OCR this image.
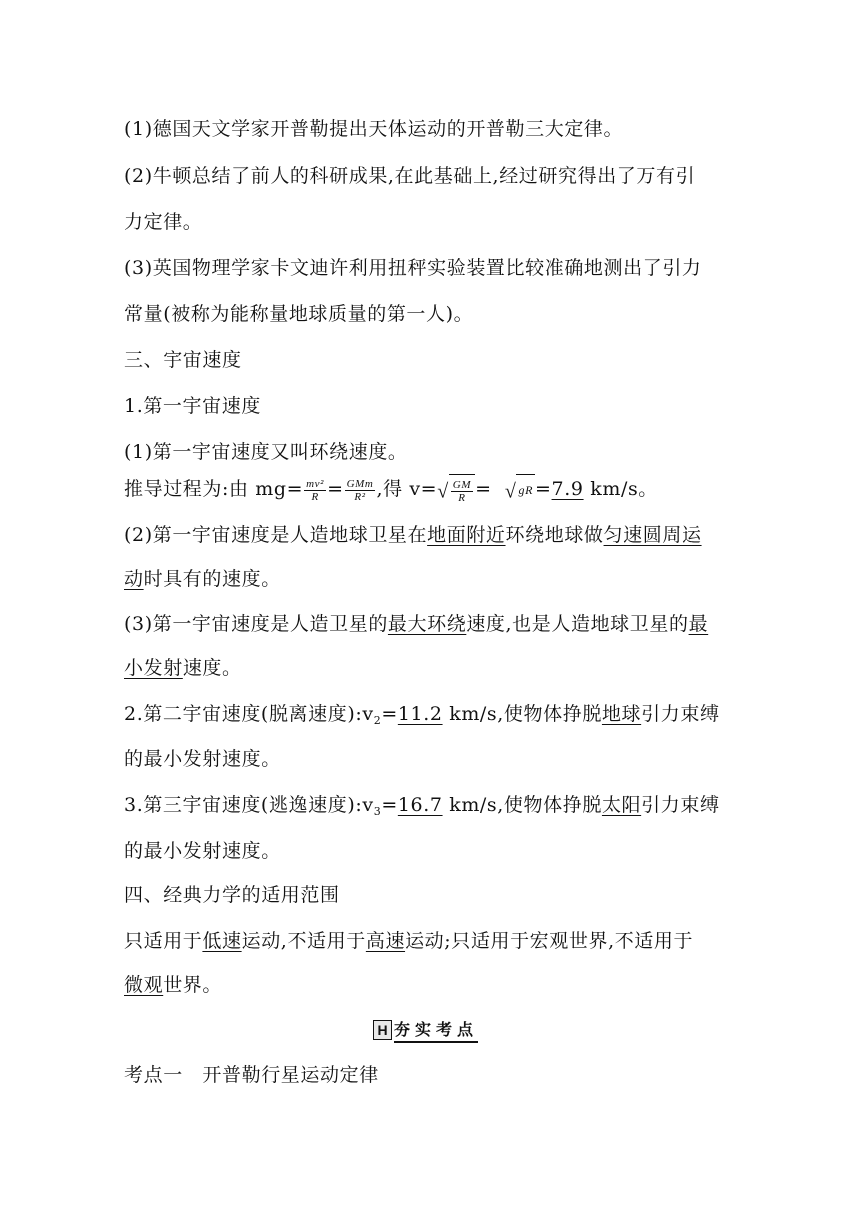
(1)德国天文学家开普勒提出天体运动的开普勒三大定律。
(2)牛顿总结了前人的科研成果,在此基础上,经过研究得出了万有引
力定律。
(3)英国物理学家卡文迪许利用扭秤实验装置比较准确地测出了引力
常量(被称为能称量地球质量的第一人)。
三、宇宙速度
1.第一宇宙速度
(1)第一宇宙速度又叫环绕速度。
推导过程为:由 $mg= \frac{\text{mv²}}{R} = \frac{\text{GMm}}{\text{R²}}$ ,得 $v=√ \frac{GM}{R}$ = √ gR =7.9 km/s。
(2)第一宇宙速度是人造地球卫星在地面附近环绕地球做匀速圆周运
动时具有的速度。
(3)第一宇宙速度是人造卫星的最大环绕速度,也是人造地球卫星的最
小发射速度。
2.第二宇宙速度(脱离速度)$:v_2=11.2$ km/s,使物体挣脱地球引力束缚
的最小发射速度。
3.第三宇宙速度(逃逸速度)$:v_3=16.7$ km/s,使物体挣脱太阳引力束缚
的最小发射速度。
四、经典力学的适用范围
只适用于低速运动,不适用于高速运动;只适用于宏观世界,不适用于
微观世界。
H 夯实考点
考点一　开普勒行星运动定律
